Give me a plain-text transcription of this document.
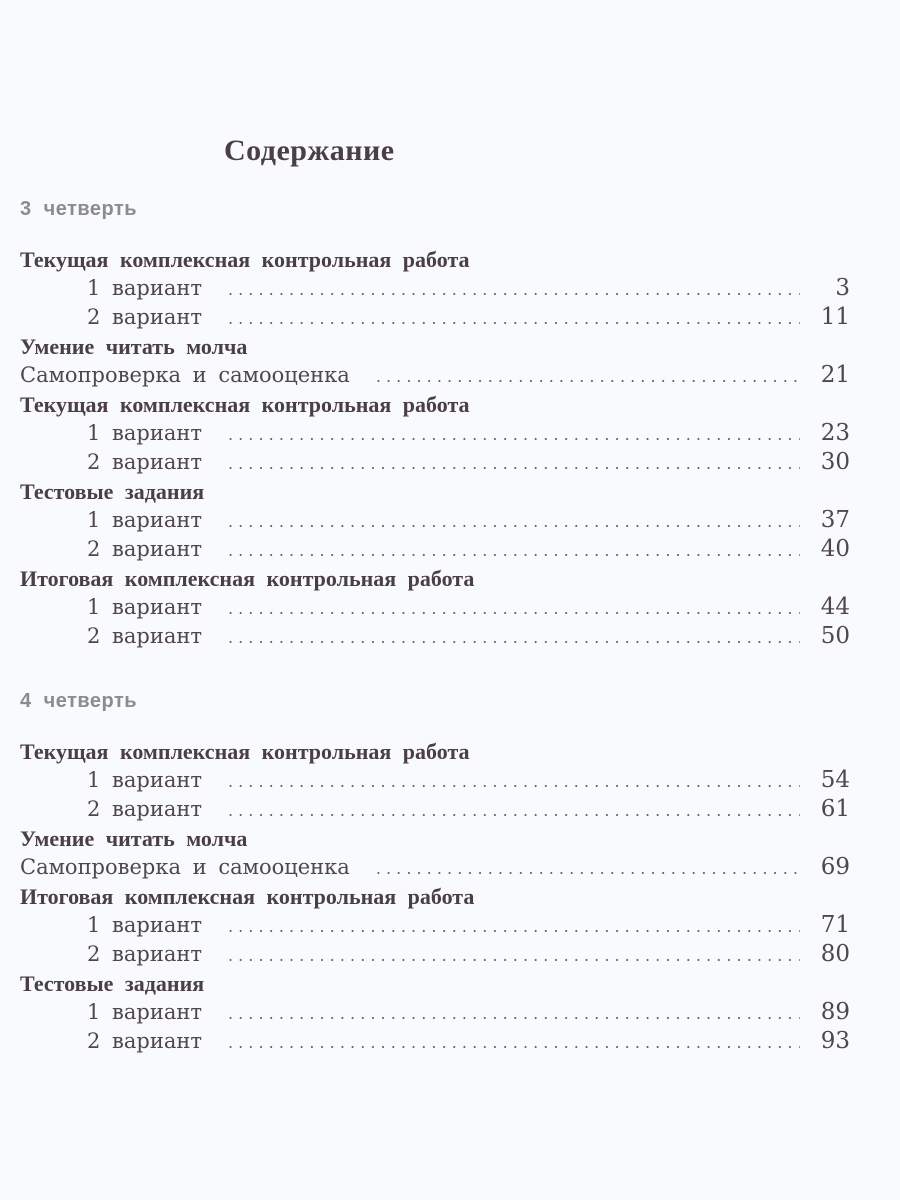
Содержание
3 четверть
Текущая комплексная контрольная работа
1 вариант . . .	3
2 вариант . . .	11
Умение читать молча
Самопроверка и самооценка . . .	21
Текущая комплексная контрольная работа
1 вариант . . .	23
2 вариант . . .	30
Тестовые задания
1 вариант . . .	37
2 вариант . . .	40
Итоговая комплексная контрольная работа
1 вариант . . .	44
2 вариант . . .	50
4 четверть
Текущая комплексная контрольная работа
1 вариант . . .	54
2 вариант . . .	61
Умение читать молча
Самопроверка и самооценка . . .	69
Итоговая комплексная контрольная работа
1 вариант . . .	71
2 вариант . . .	80
Тестовые задания
1 вариант . . .	89
2 вариант . . .	93
